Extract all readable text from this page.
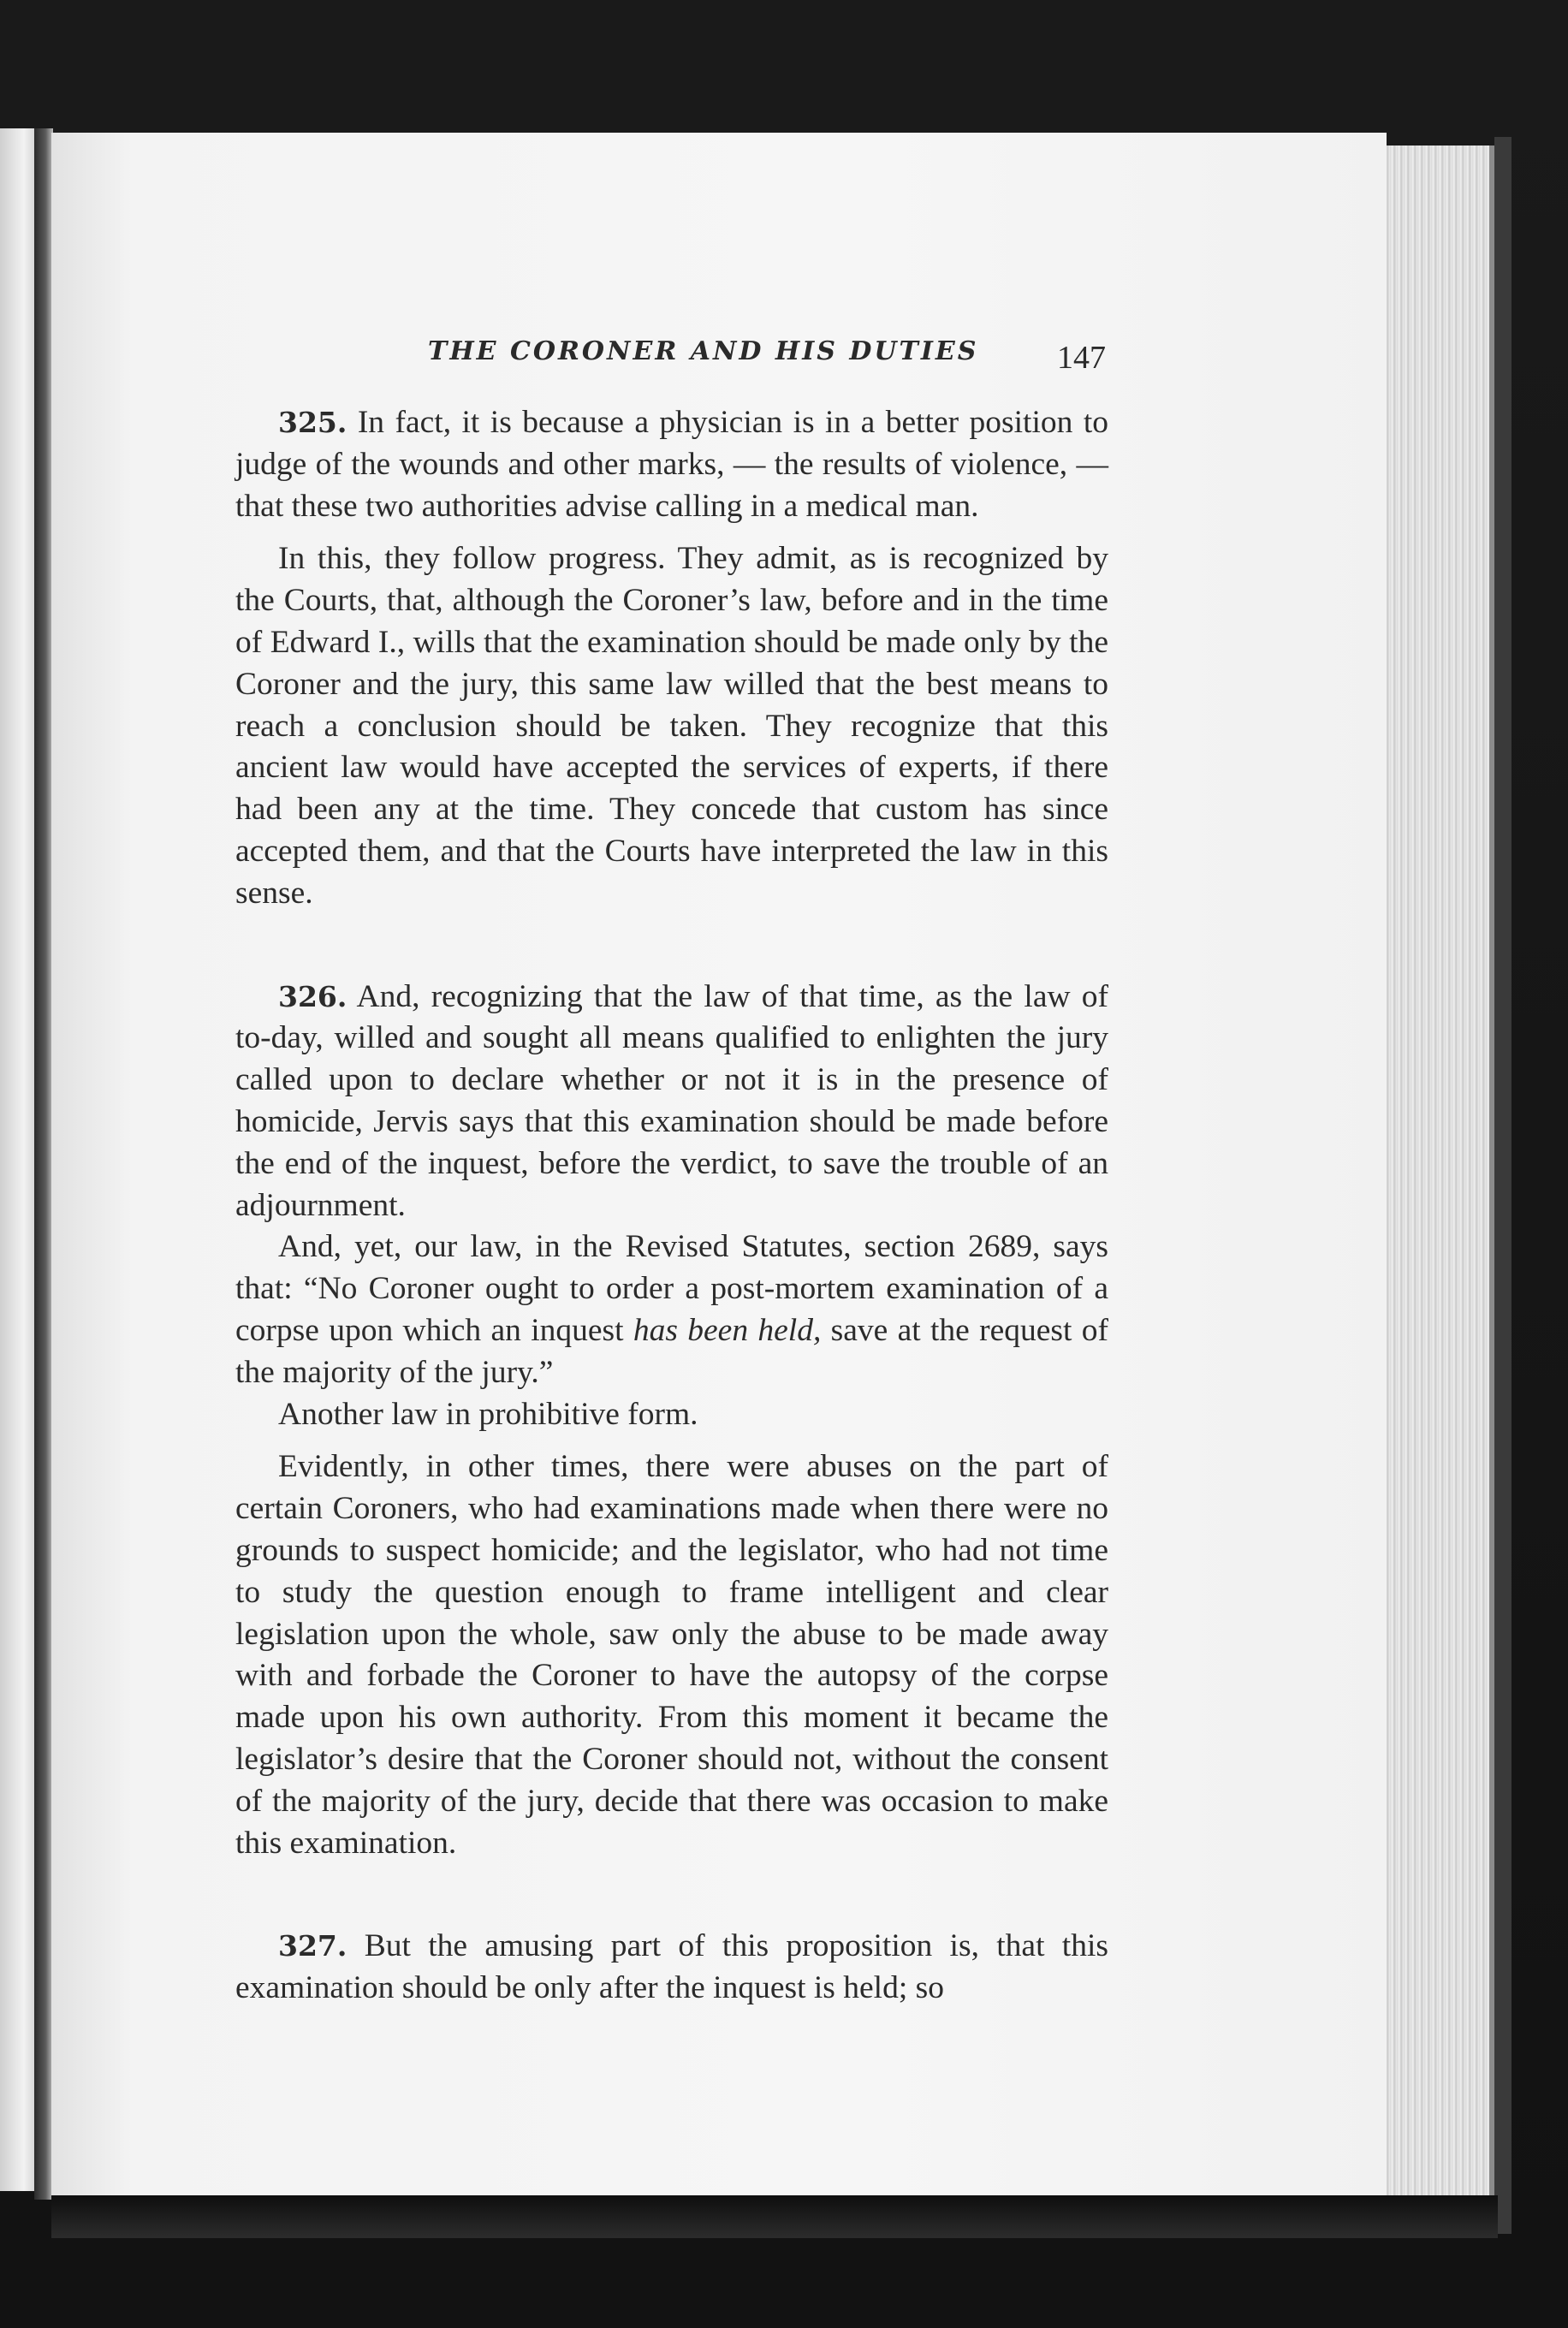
THE CORONER AND HIS DUTIES 147

325. In fact, it is because a physician is in a better position to judge of the wounds and other marks, — the results of violence, — that these two authorities advise calling in a medical man.

In this, they follow progress. They admit, as is recognized by the Courts, that, although the Coroner’s law, before and in the time of Edward I., wills that the examination should be made only by the Coroner and the jury, this same law willed that the best means to reach a conclusion should be taken. They recognize that this ancient law would have accepted the services of experts, if there had been any at the time. They concede that custom has since accepted them, and that the Courts have interpreted the law in this sense.

326. And, recognizing that the law of that time, as the law of to-day, willed and sought all means qualified to enlighten the jury called upon to declare whether or not it is in the presence of homicide, Jervis says that this examination should be made before the end of the inquest, before the verdict, to save the trouble of an adjournment.

And, yet, our law, in the Revised Statutes, section 2689, says that: “No Coroner ought to order a post-mortem examination of a corpse upon which an inquest has been held, save at the request of the majority of the jury.”

Another law in prohibitive form.

Evidently, in other times, there were abuses on the part of certain Coroners, who had examinations made when there were no grounds to suspect homicide; and the legislator, who had not time to study the question enough to frame intelligent and clear legislation upon the whole, saw only the abuse to be made away with and forbade the Coroner to have the autopsy of the corpse made upon his own authority. From this moment it became the legislator’s desire that the Coroner should not, without the consent of the majority of the jury, decide that there was occasion to make this examination.

327. But the amusing part of this proposition is, that this examination should be only after the inquest is held; so
